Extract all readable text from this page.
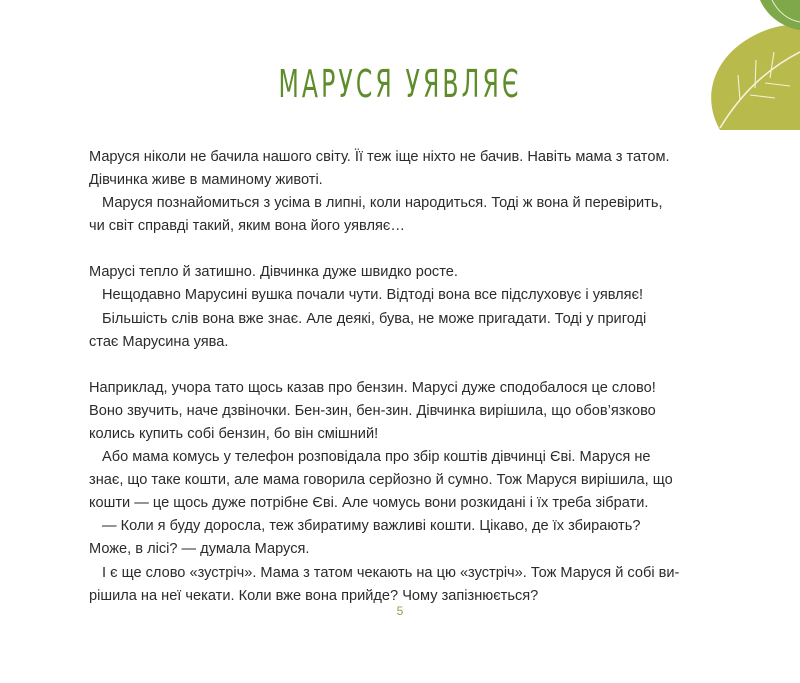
МАРУСЯ УЯВЛЯЄ

Маруся ніколи не бачила нашого світу. Її теж іще ніхто не бачив. Навіть мама з татом.
Дівчинка живе в маминому животі.

Маруся познайомиться з усіма в липні, коли народиться. Тоді ж вона й перевірить,
чи світ справді такий, яким вона його уявляє…

Марусі тепло й затишно. Дівчинка дуже швидко росте.

Нещодавно Марусині вушка почали чути. Відтоді вона все підслуховує і уявляє!

Більшість слів вона вже знає. Але деякі, бува, не може пригадати. Тоді у пригоді
стає Марусина уява.

Наприклад, учора тато щось казав про бензин. Марусі дуже сподобалося це слово!
Воно звучить, наче дзвіночки. Бен-зин, бен-зин. Дівчинка вирішила, що обов’язково
колись купить собі бензин, бо він смішний!

Або мама комусь у телефон розповідала про збір коштів дівчинці Єві. Маруся не
знає, що таке кошти, але мама говорила серйозно й сумно. Тож Маруся вирішила, що
кошти — це щось дуже потрібне Єві. Але чомусь вони розкидані і їх треба зібрати.

— Коли я буду доросла, теж збиратиму важливі кошти. Цікаво, де їх збирають?
Може, в лісі? — думала Маруся.

І є ще слово «зустріч». Мама з татом чекають на цю «зустріч». Тож Маруся й собі ви-
рішила на неї чекати. Коли вже вона прийде? Чому запізнюється?

5
